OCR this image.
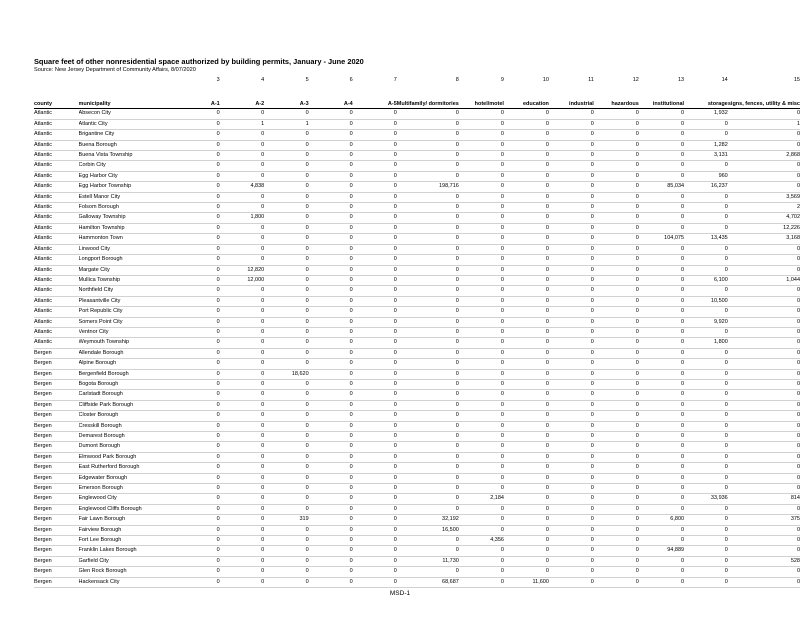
Square feet of other nonresidential space authorized by building permits, January - June 2020
Source: New Jersey Department of Community Affairs, 8/07/2020
		3	4	5	6	7	8	9	10	11	12	13	14	15
county	municipality	A-1	A-2	A-3	A-4	A-5	Multifamily/ dormitories	hotel/motel	education	industrial	hazardous	institutional	storage	signs, fences, utility & misc
Atlantic	Absecon City	0	0	0	0	0	0	0	0	0	0	0	1,932	0
Atlantic	Atlantic City	0	1	1	0	0	0	0	0	0	0	0	0	1
Atlantic	Brigantine City	0	0	0	0	0	0	0	0	0	0	0	0	0
Atlantic	Buena Borough	0	0	0	0	0	0	0	0	0	0	0	1,282	0
Atlantic	Buena Vista Township	0	0	0	0	0	0	0	0	0	0	0	3,131	2,868
Atlantic	Corbin City	0	0	0	0	0	0	0	0	0	0	0	0	0
Atlantic	Egg Harbor City	0	0	0	0	0	0	0	0	0	0	0	960	0
Atlantic	Egg Harbor Township	0	4,838	0	0	0	198,716	0	0	0	0	85,034	16,237	0
Atlantic	Estell Manor City	0	0	0	0	0	0	0	0	0	0	0	0	3,569
Atlantic	Folsom Borough	0	0	0	0	0	0	0	0	0	0	0	0	2
Atlantic	Galloway Township	0	1,800	0	0	0	0	0	0	0	0	0	0	4,702
Atlantic	Hamilton Township	0	0	0	0	0	0	0	0	0	0	0	0	12,226
Atlantic	Hammonton Town	0	0	0	0	0	0	0	0	0	0	104,075	13,435	3,168
Atlantic	Linwood City	0	0	0	0	0	0	0	0	0	0	0	0	0
Atlantic	Longport Borough	0	0	0	0	0	0	0	0	0	0	0	0	0
Atlantic	Margate City	0	12,820	0	0	0	0	0	0	0	0	0	0	0
Atlantic	Mullica Township	0	12,000	0	0	0	0	0	0	0	0	0	6,100	1,044
Atlantic	Northfield City	0	0	0	0	0	0	0	0	0	0	0	0	0
Atlantic	Pleasantville City	0	0	0	0	0	0	0	0	0	0	0	10,500	0
Atlantic	Port Republic City	0	0	0	0	0	0	0	0	0	0	0	0	0
Atlantic	Somers Point City	0	0	0	0	0	0	0	0	0	0	0	9,920	0
Atlantic	Ventnor City	0	0	0	0	0	0	0	0	0	0	0	0	0
Atlantic	Weymouth Township	0	0	0	0	0	0	0	0	0	0	0	1,800	0
Bergen	Allendale Borough	0	0	0	0	0	0	0	0	0	0	0	0	0
Bergen	Alpine Borough	0	0	0	0	0	0	0	0	0	0	0	0	0
Bergen	Bergenfield Borough	0	0	18,620	0	0	0	0	0	0	0	0	0	0
Bergen	Bogota Borough	0	0	0	0	0	0	0	0	0	0	0	0	0
Bergen	Carlstadt Borough	0	0	0	0	0	0	0	0	0	0	0	0	0
Bergen	Cliffside Park Borough	0	0	0	0	0	0	0	0	0	0	0	0	0
Bergen	Closter Borough	0	0	0	0	0	0	0	0	0	0	0	0	0
Bergen	Cresskill Borough	0	0	0	0	0	0	0	0	0	0	0	0	0
Bergen	Demarest Borough	0	0	0	0	0	0	0	0	0	0	0	0	0
Bergen	Dumont Borough	0	0	0	0	0	0	0	0	0	0	0	0	0
Bergen	Elmwood Park Borough	0	0	0	0	0	0	0	0	0	0	0	0	0
Bergen	East Rutherford Borough	0	0	0	0	0	0	0	0	0	0	0	0	0
Bergen	Edgewater Borough	0	0	0	0	0	0	0	0	0	0	0	0	0
Bergen	Emerson Borough	0	0	0	0	0	0	0	0	0	0	0	0	0
Bergen	Englewood City	0	0	0	0	0	0	2,184	0	0	0	0	33,936	814
Bergen	Englewood Cliffs Borough	0	0	0	0	0	0	0	0	0	0	0	0	0
Bergen	Fair Lawn Borough	0	0	319	0	0	32,192	0	0	0	0	6,800	0	375
Bergen	Fairview Borough	0	0	0	0	0	16,500	0	0	0	0	0	0	0
Bergen	Fort Lee Borough	0	0	0	0	0	0	4,356	0	0	0	0	0	0
Bergen	Franklin Lakes Borough	0	0	0	0	0	0	0	0	0	0	94,889	0	0
Bergen	Garfield City	0	0	0	0	0	11,730	0	0	0	0	0	0	528
Bergen	Glen Rock Borough	0	0	0	0	0	0	0	0	0	0	0	0	0
Bergen	Hackensack City	0	0	0	0	0	68,687	0	11,600	0	0	0	0	0
MSD-1
